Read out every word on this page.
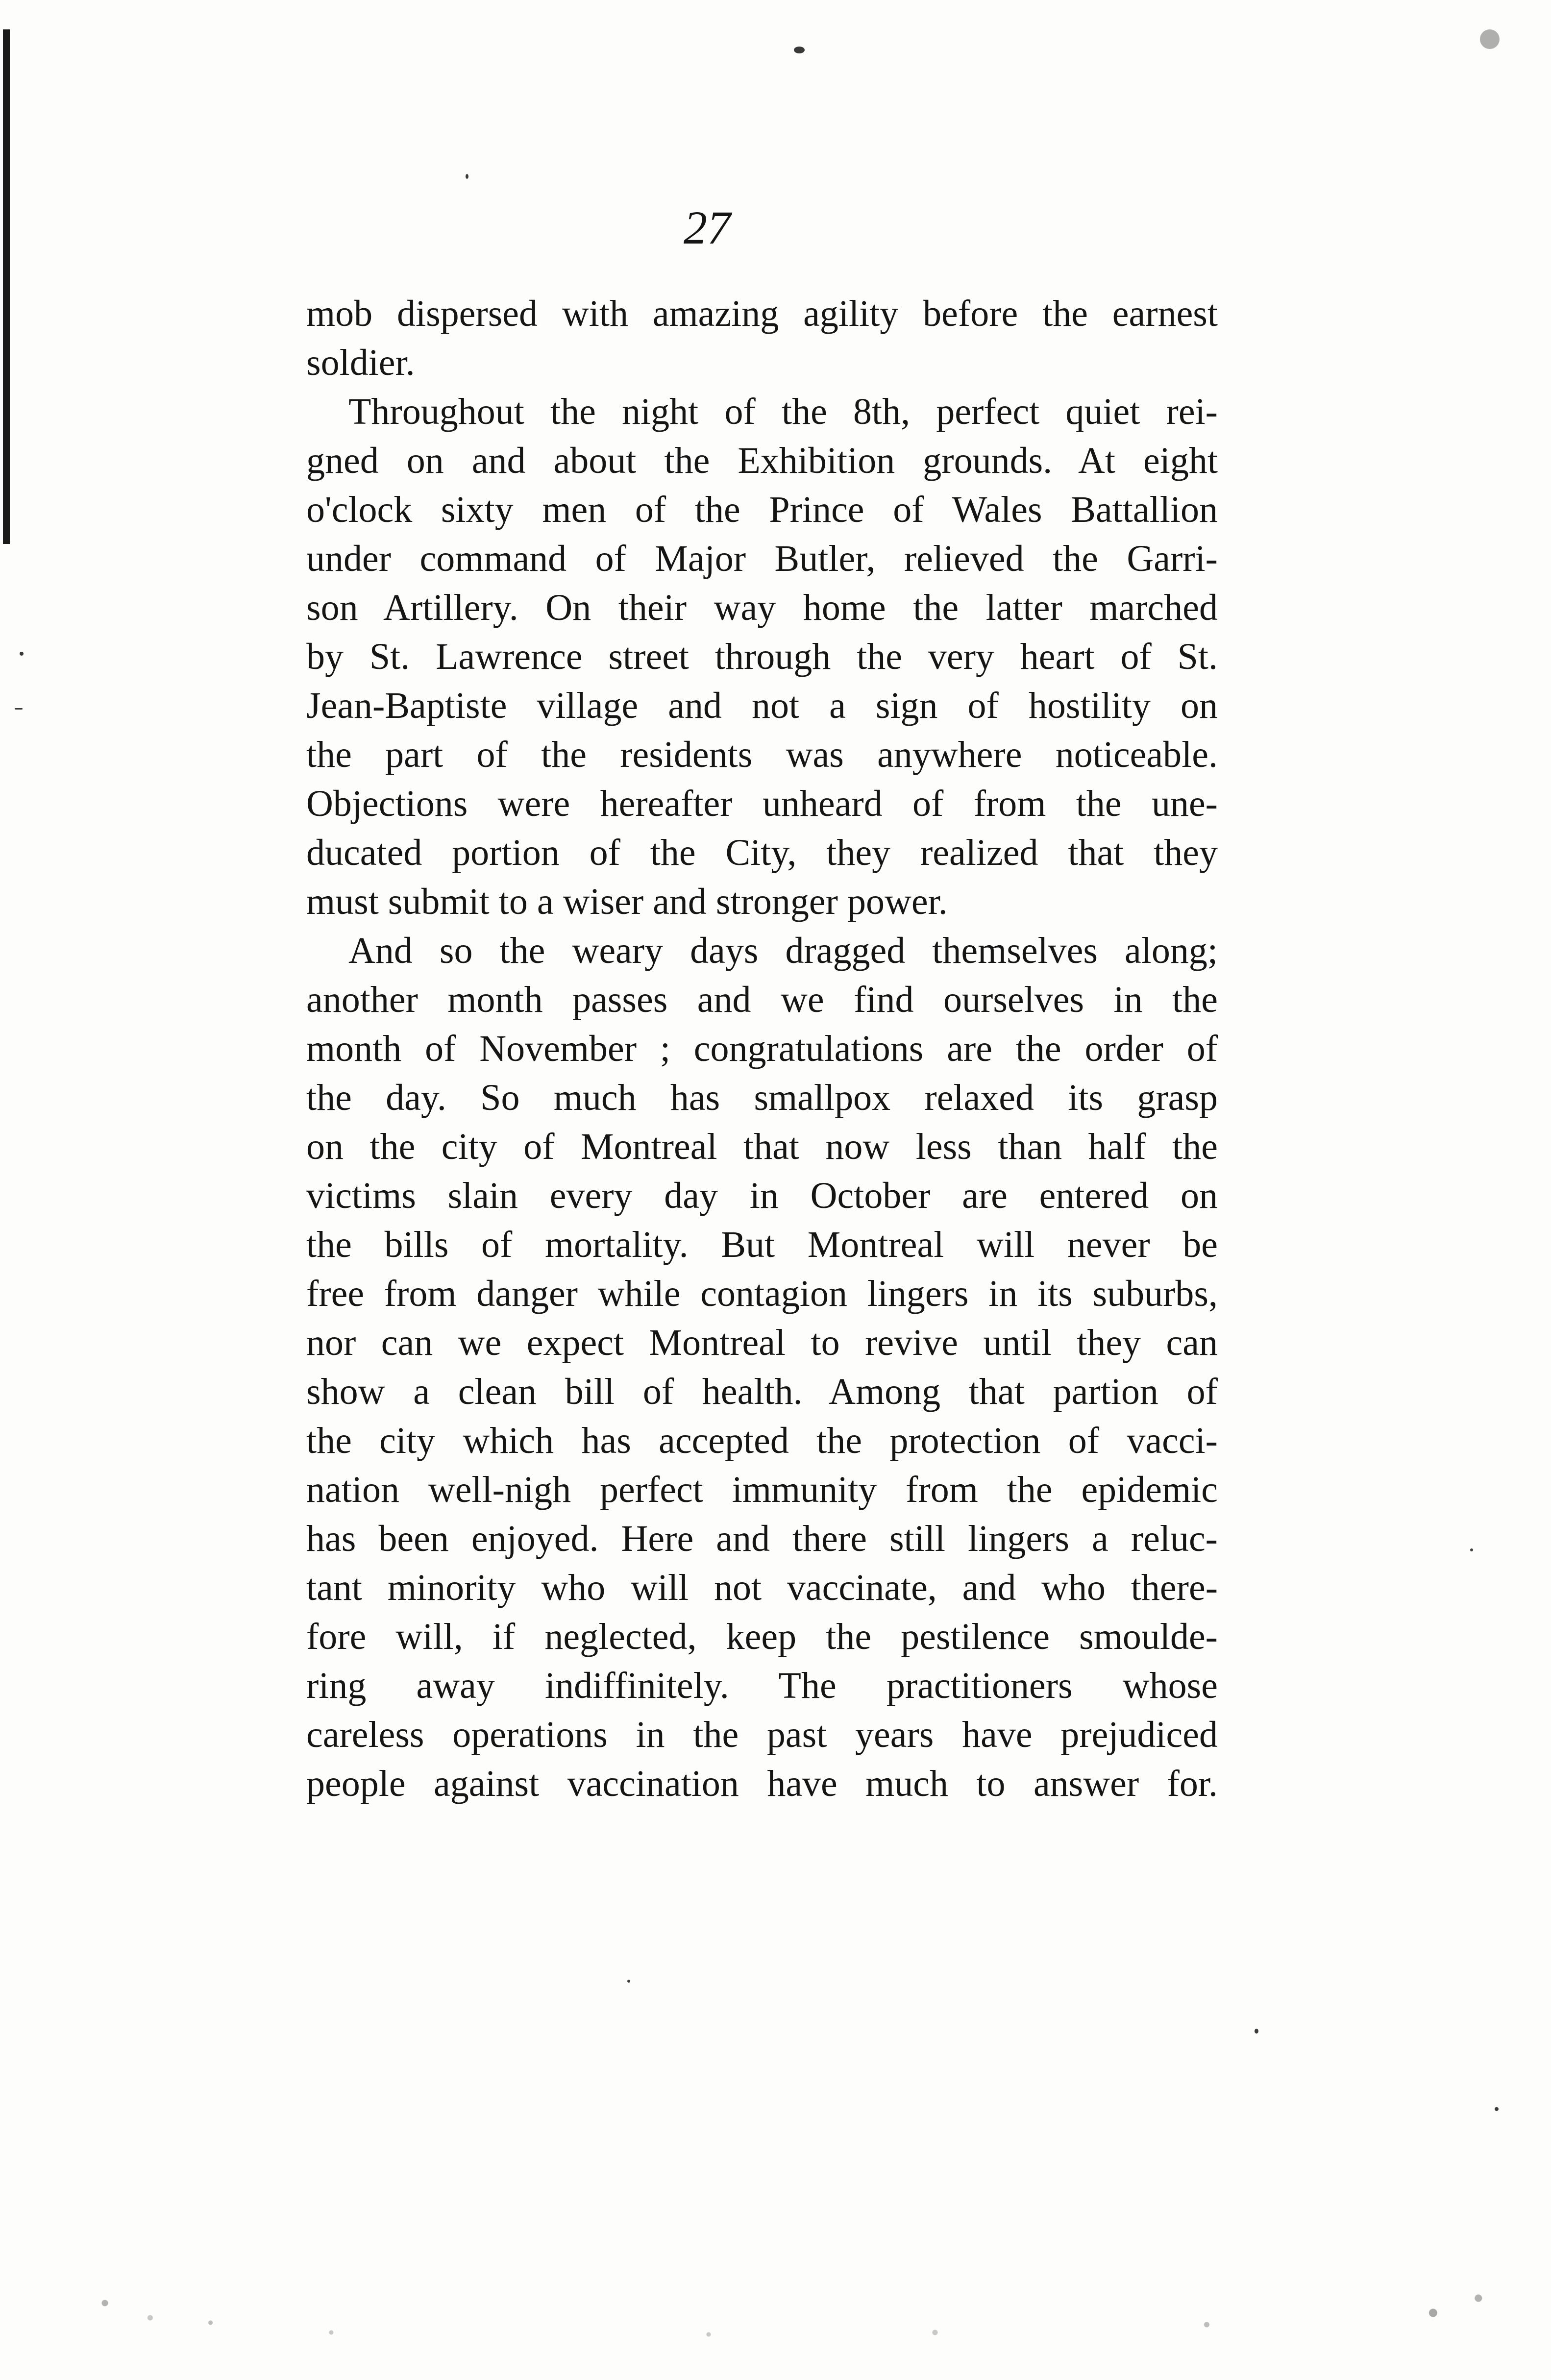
27
mob dispersed with amazing agility before the earnest
soldier.
Throughout the night of the 8th, perfect quiet rei-
gned on and about the Exhibition grounds. At eight
o'clock sixty men of the Prince of Wales Battallion
under command of Major Butler, relieved the Garri-
son Artillery. On their way home the latter marched
by St. Lawrence street through the very heart of St.
Jean-Baptiste village and not a sign of hostility on
the part of the residents was anywhere noticeable.
Objections were hereafter unheard of from the une-
ducated portion of the City, they realized that they
must submit to a wiser and stronger power.
And so the weary days dragged themselves along;
another month passes and we find ourselves in the
month of November ; congratulations are the order of
the day. So much has smallpox relaxed its grasp
on the city of Montreal that now less than half the
victims slain every day in October are entered on
the bills of mortality. But Montreal will never be
free from danger while contagion lingers in its suburbs,
nor can we expect Montreal to revive until they can
show a clean bill of health. Among that partion of
the city which has accepted the protection of vacci-
nation well-nigh perfect immunity from the epidemic
has been enjoyed. Here and there still lingers a reluc-
tant minority who will not vaccinate, and who there-
fore will, if neglected, keep the pestilence smoulde-
ring away indiffinitely. The practitioners whose
careless operations in the past years have prejudiced
people against vaccination have much to answer for.
